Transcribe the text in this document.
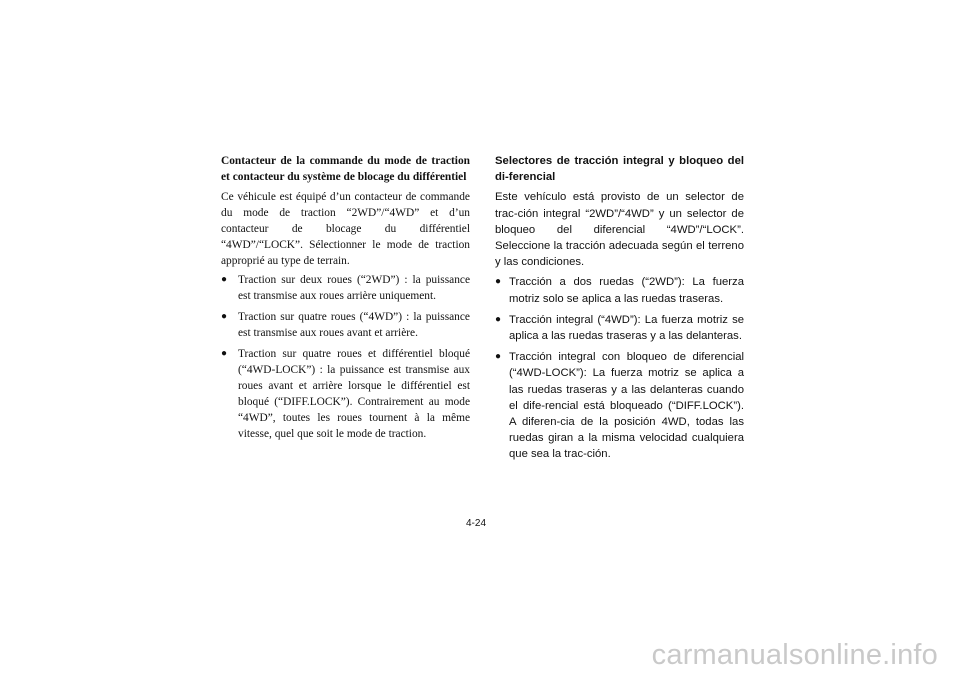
Contacteur de la commande du mode de traction et contacteur du système de blocage du différentiel
Ce véhicule est équipé d’un contacteur de commande du mode de traction “2WD”/“4WD” et d’un contacteur de blocage du différentiel “4WD”/“LOCK”. Sélectionner le mode de traction approprié au type de terrain.
● Traction sur deux roues (“2WD”) : la puissance est transmise aux roues arrière uniquement.
● Traction sur quatre roues (“4WD”) : la puissance est transmise aux roues avant et arrière.
● Traction sur quatre roues et différentiel bloqué (“4WD-LOCK”) : la puissance est transmise aux roues avant et arrière lorsque le différentiel est bloqué (“DIFF.LOCK”). Contrairement au mode “4WD”, toutes les roues tournent à la même vitesse, quel que soit le mode de traction.
Selectores de tracción integral y bloqueo del di-ferencial
Este vehículo está provisto de un selector de trac-ción integral “2WD”/“4WD” y un selector de bloqueo del diferencial “4WD”/“LOCK”. Seleccione la tracción adecuada según el terreno y las condiciones.
● Tracción a dos ruedas (“2WD”): La fuerza motriz solo se aplica a las ruedas traseras.
● Tracción integral (“4WD”): La fuerza motriz se aplica a las ruedas traseras y a las delanteras.
● Tracción integral con bloqueo de diferencial (“4WD-LOCK”): La fuerza motriz se aplica a las ruedas traseras y a las delanteras cuando el dife-rencial está bloqueado (“DIFF.LOCK”). A diferen-cia de la posición 4WD, todas las ruedas giran a la misma velocidad cualquiera que sea la trac-ción.
4-24
carmanualsonline.info
